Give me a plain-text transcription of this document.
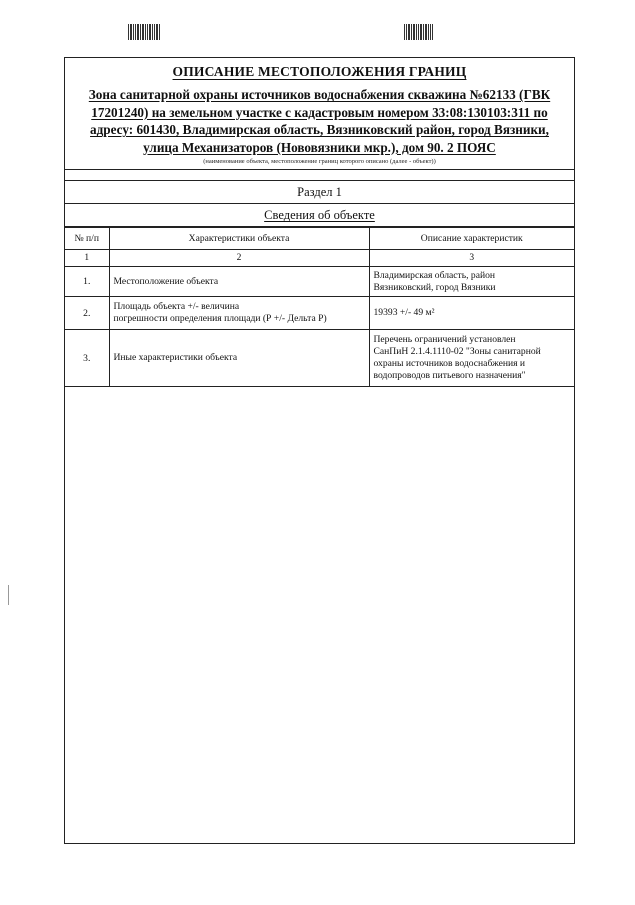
ОПИСАНИЕ МЕСТОПОЛОЖЕНИЯ ГРАНИЦ
Зона санитарной охраны источников водоснабжения скважина №62133 (ГВК
17201240) на земельном участке с кадастровым номером 33:08:130103:311 по
адресу: 601430, Владимирская область, Вязниковский район, город Вязники,
улица Механизаторов (Нововязники мкр.), дом 90. 2 ПОЯС
(наименование объекта, местоположение границ которого описано (далее - объект))
Раздел 1
Сведения об объекте
№ п/п	Характеристики объекта	Описание характеристик
1	2	3
1.	Местоположение объекта	Владимирская область, район
Вязниковский, город Вязники

2.	Площадь объекта +/- величина
погрешности определения площади (Р +/- Дельта Р)	19393 +/- 49 м²

3.	Иные характеристики объекта	Перечень ограничений установлен
СанПиН 2.1.4.1110-02 "Зоны санитарной
охраны источников водоснабжения и
водопроводов питьевого назначения"
